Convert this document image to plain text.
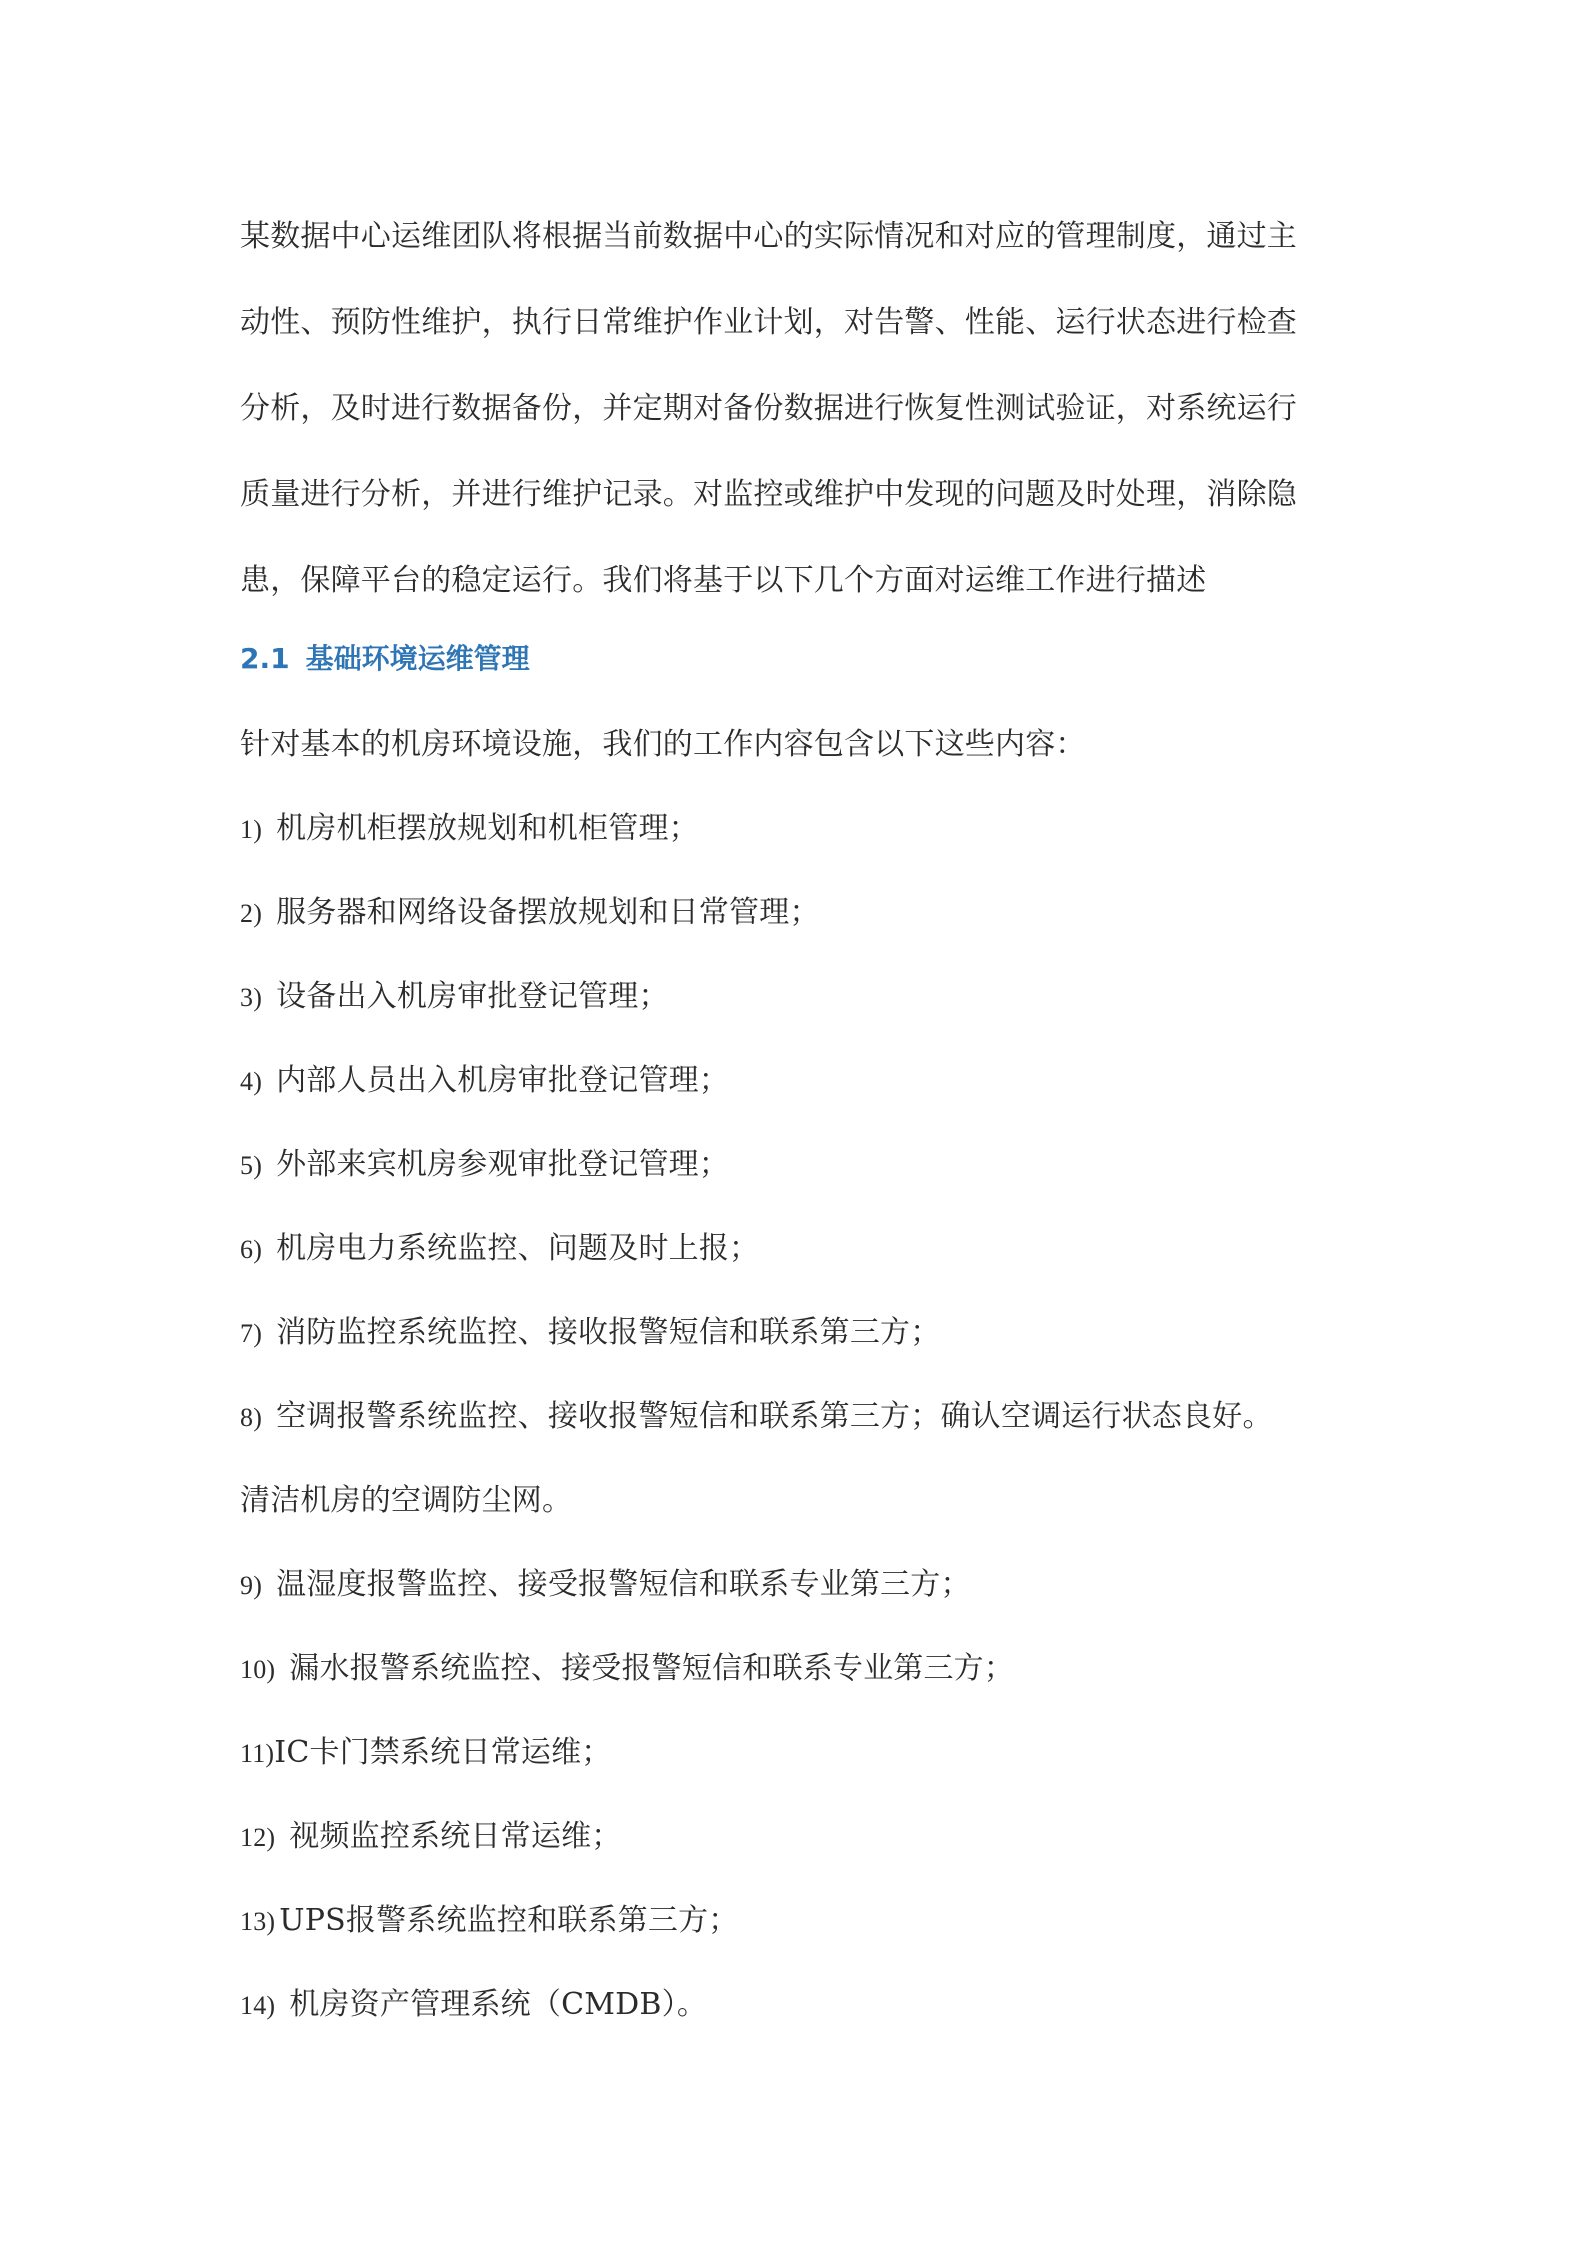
某数据中心运维团队将根据当前数据中心的实际情况和对应的管理制度，通过主
动性、预防性维护，执行日常维护作业计划，对告警、性能、运行状态进行检查
分析，及时进行数据备份，并定期对备份数据进行恢复性测试验证，对系统运行
质量进行分析，并进行维护记录。对监控或维护中发现的问题及时处理，消除隐
患，保障平台的稳定运行。我们将基于以下几个方面对运维工作进行描述
2.1 基础环境运维管理
针对基本的机房环境设施，我们的工作内容包含以下这些内容：
1) 机房机柜摆放规划和机柜管理；
2) 服务器和网络设备摆放规划和日常管理；
3) 设备出入机房审批登记管理；
4) 内部人员出入机房审批登记管理；
5) 外部来宾机房参观审批登记管理；
6) 机房电力系统监控、问题及时上报；
7) 消防监控系统监控、接收报警短信和联系第三方；
8) 空调报警系统监控、接收报警短信和联系第三方；确认空调运行状态良好。
清洁机房的空调防尘网。
9) 温湿度报警监控、接受报警短信和联系专业第三方；
10) 漏水报警系统监控、接受报警短信和联系专业第三方；
11)IC卡门禁系统日常运维；
12) 视频监控系统日常运维；
13) UPS报警系统监控和联系第三方；
14) 机房资产管理系统（CMDB）。
